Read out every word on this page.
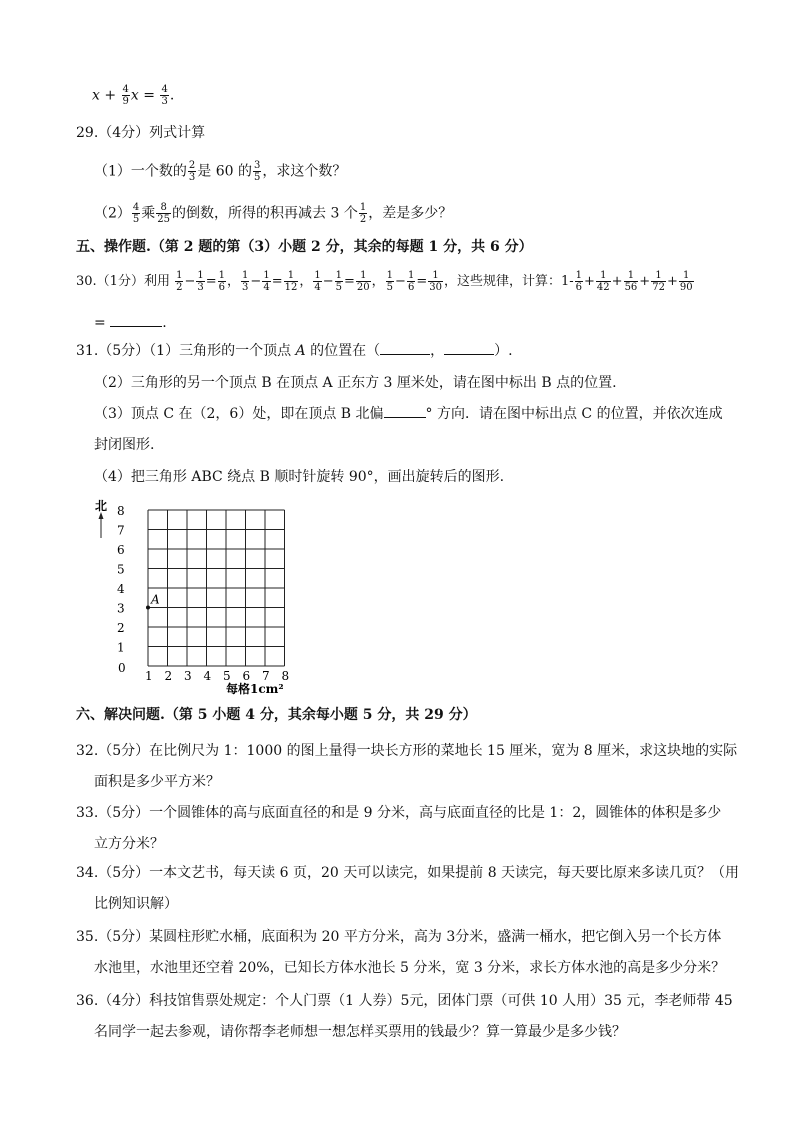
$x + \frac{4}{9}$ $x = \frac{4}{3}$ .
29.（4分）列式计算
（1）一个数的 $\frac{2}{3}$ 是 60 的 $\frac{3}{5}$ ，求这个数？
$(2) \frac{4}{5}$ 乘 $\frac{8}{25}$ 的倒数，所得的积再减去 3 个 $\frac{1}{2}$ ，差是多少？
五、操作题.（第 2 题的第（3）小题 2 分，其余的每题 1 分，共 6 分）
30.（1分）利用 $\frac{1}{2} - \frac{1}{3} = \frac{1}{6}$ ， $\frac{1}{3} - \frac{1}{4} = \frac{1}{12}$ ， $\frac{1}{4} - \frac{1}{5} = \frac{1}{20}$ ， $\frac{1}{5} - \frac{1}{6} = \frac{1}{30}$ ，这些规律，计算：$1- \frac{1}{6} + \frac{1}{42} + \frac{1}{56} + \frac{1}{72} + \frac{1}{90}$
=	.
31.（5分）（1）三角形的一个顶点 A 的位置在（	，	）.
（2）三角形的另一个顶点 B 在顶点 A 正东方 3 厘米处，请在图中标出 B 点的位置.
（3）顶点 C 在（2，6）处，即在顶点 B 北偏	° 方向．请在图中标出点 C 的位置，并依次连成
封闭图形.
（4）把三角形 ABC 绕点 B 顺时针旋转 90°，画出旋转后的图形.
北 8
7
6
5
4
3
2
1
0
1 2 3 4 5 6 7 8
A
每格1cm²
六、解决问题.（第 5 小题 4 分，其余每小题 5 分，共 29 分）
32.（5分）在比例尺为 1：1000 的图上量得一块长方形的菜地长 15 厘米，宽为 8 厘米，求这块地的实际
面积是多少平方米？
33.（5分）一个圆锥体的高与底面直径的和是 9 分米，高与底面直径的比是 1：2，圆锥体的体积是多少
立方分米？
34.（5分）一本文艺书，每天读 6 页，20 天可以读完，如果提前 8 天读完，每天要比原来多读几页？（用
比例知识解）
35.（5分）某圆柱形贮水桶，底面积为 20 平方分米，高为 3分米，盛满一桶水，把它倒入另一个长方体
水池里，水池里还空着 20%，已知长方体水池长 5 分米，宽 3 分米，求长方体水池的高是多少分米？
36.（4分）科技馆售票处规定：个人门票（1 人券）5元，团体门票（可供 10 人用）35 元，李老师带 45
名同学一起去参观，请你帮李老师想一想怎样买票用的钱最少？算一算最少是多少钱？
